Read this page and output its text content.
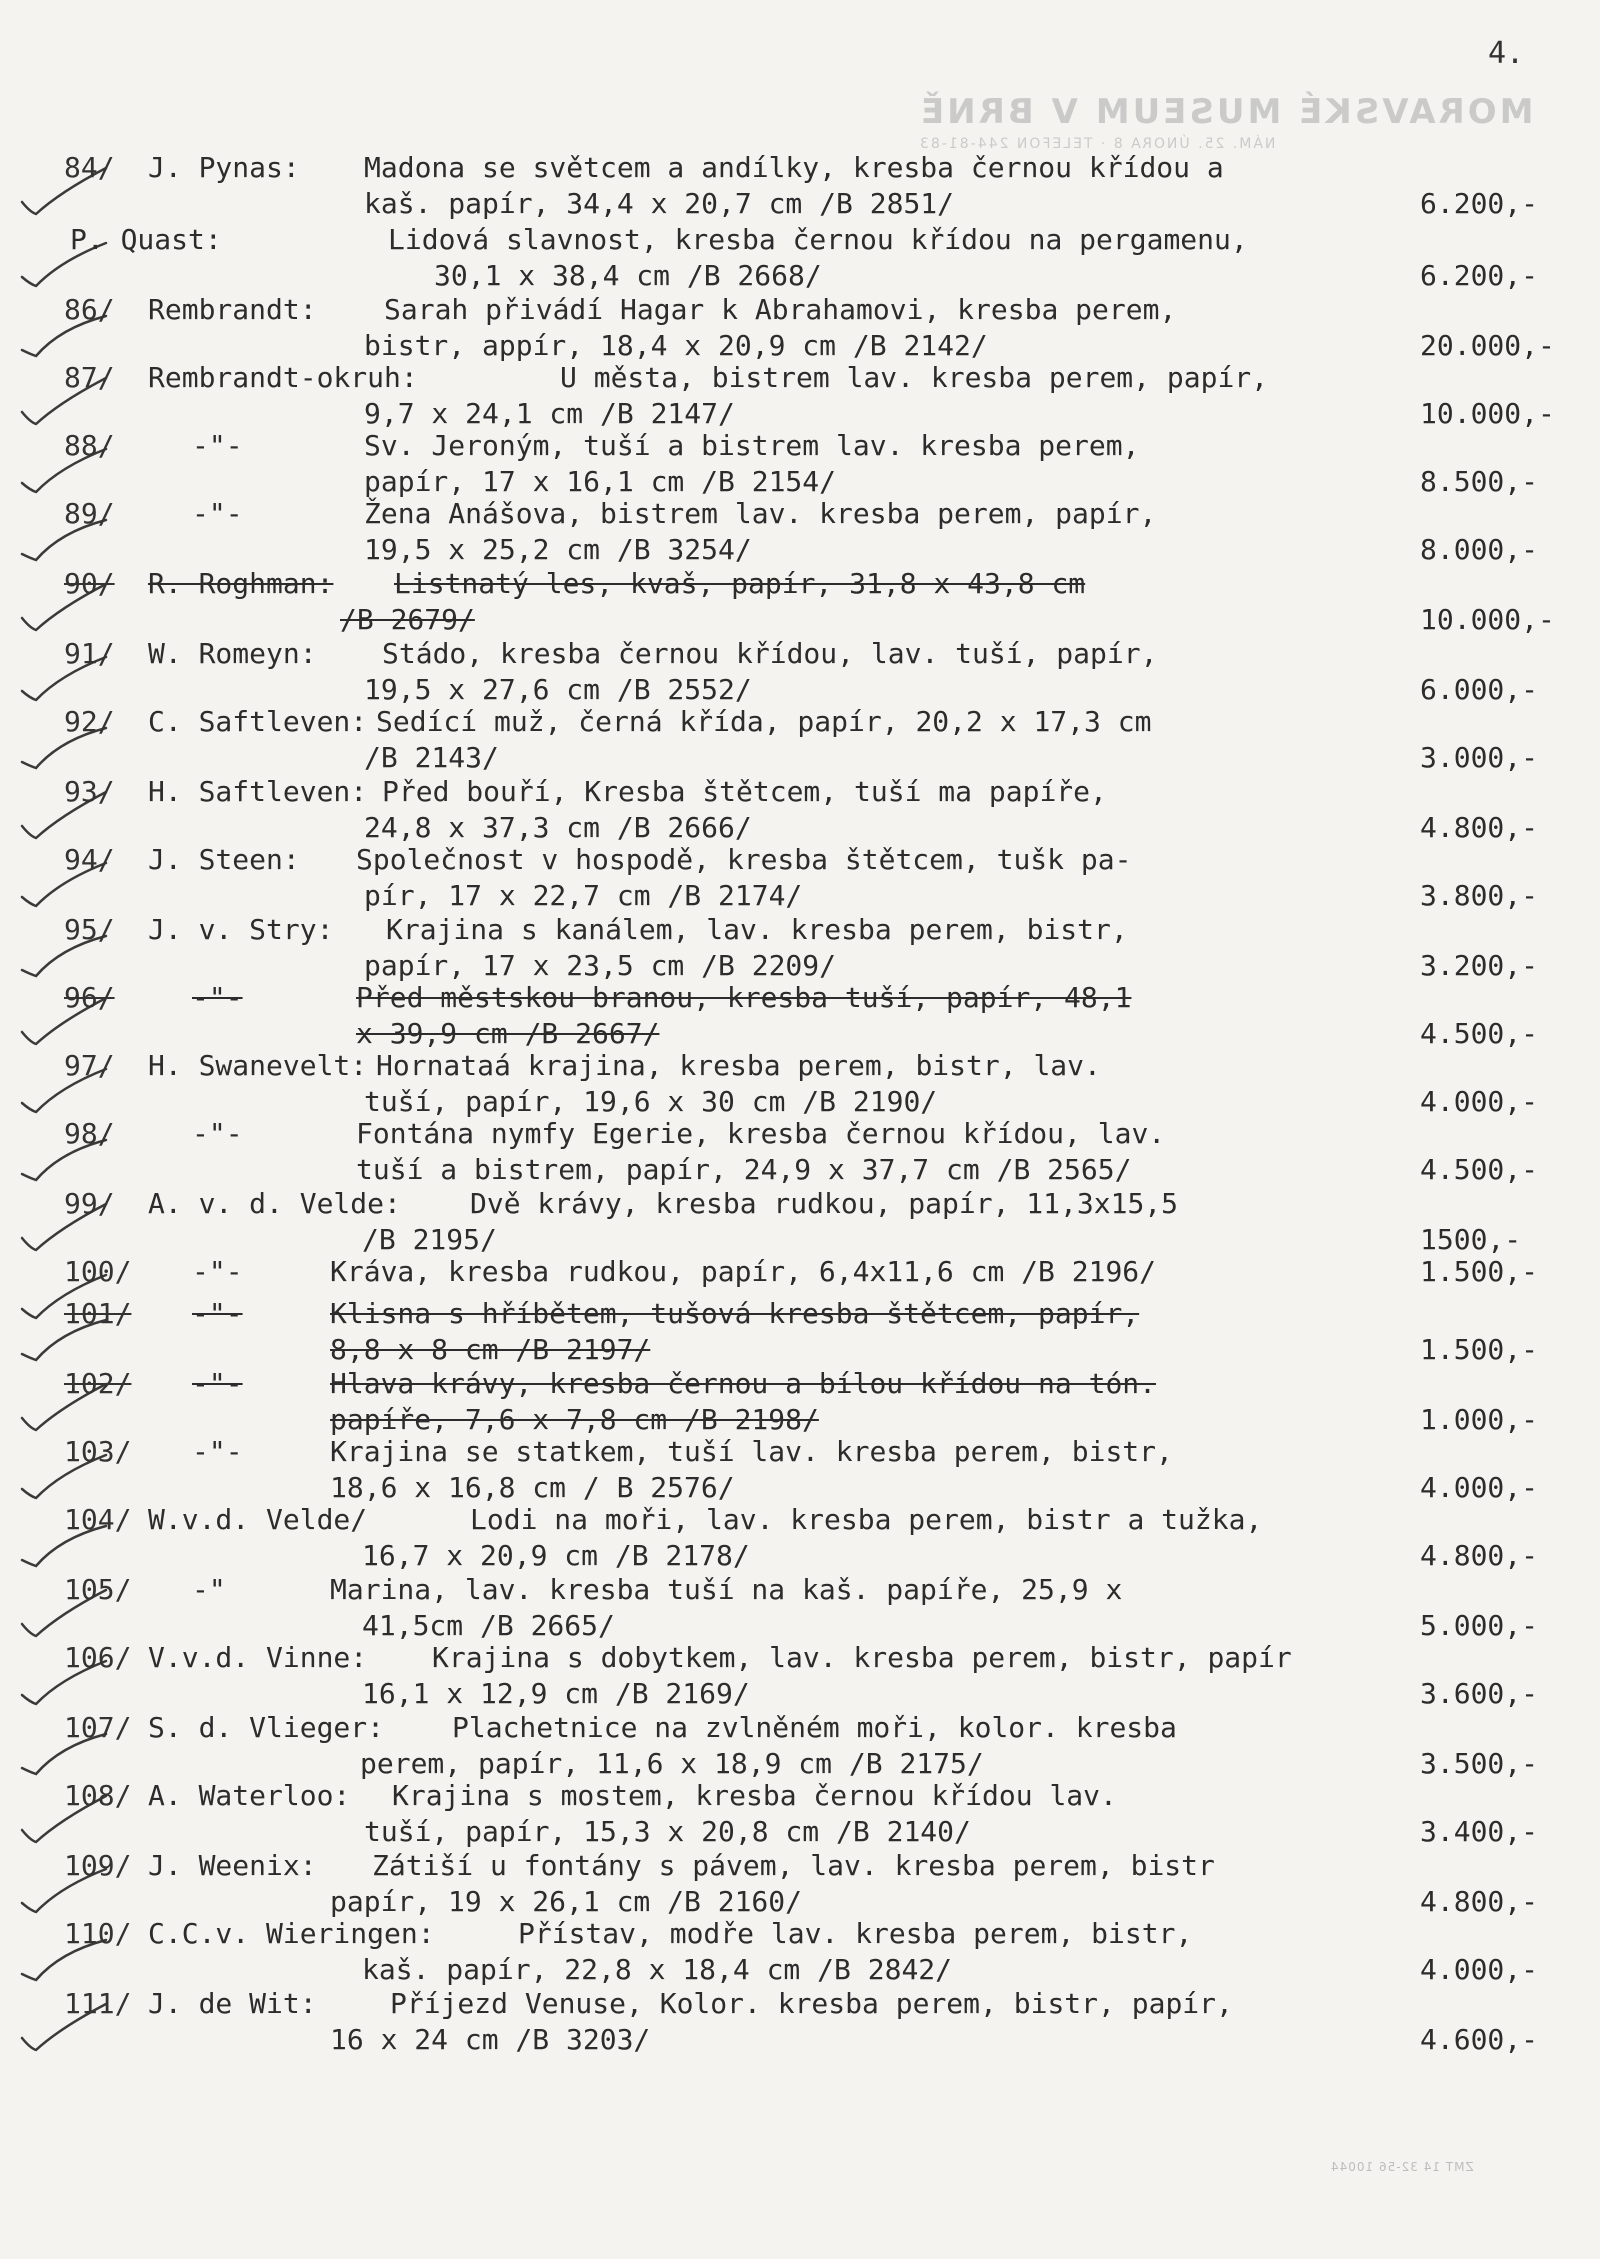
4.
MORAVSKÉ MUSEUM V BRNĚ
NÁM. 25. ÚNORA 8 · TELEFON 244-81-83
84/ J. Pynas: Madona se světcem a andílky, kresba černou křídou a
kaš. papír, 34,4 x 20,7 cm /B 2851/	6.200,-
P. Quast:	Lidová slavnost, kresba černou křídou na pergamenu,
30,1 x 38,4 cm /B 2668/	6.200,-
86/ Rembrandt: Sarah přivádí Hagar k Abrahamovi, kresba perem,
bistr, appír, 18,4 x 20,9 cm /B 2142/	20.000,-
87/ Rembrandt-okruh:	U města, bistrem lav. kresba perem, papír,
9,7 x 24,1 cm /B 2147/	10.000,-
88/	-"-	Sv. Jeroným, tuší a bistrem lav. kresba perem,
papír, 17 x 16,1 cm /B 2154/	8.500,-
89/	-"-	Žena Anášova, bistrem lav. kresba perem, papír,
19,5 x 25,2 cm /B 3254/	8.000,-
90/ R. Roghman: Listnatý les, kvaš, papír, 31,8 x 43,8 cm
/B 2679/	10.000,-
91/ W. Romeyn: Stádo, kresba černou křídou, lav. tuší, papír,
19,5 x 27,6 cm /B 2552/	6.000,-
92/ C. Saftleven: Sedící muž, černá křída, papír, 20,2 x 17,3 cm
/B 2143/	3.000,-
93/ H. Saftleven: Před bouří, Kresba štětcem, tuší ma papíře,
24,8 x 37,3 cm /B 2666/	4.800,-
94/ J. Steen: Společnost v hospodě, kresba štětcem, tušk pa-
pír, 17 x 22,7 cm /B 2174/	3.800,-
95/ J. v. Stry: Krajina s kanálem, lav. kresba perem, bistr,
papír, 17 x 23,5 cm /B 2209/	3.200,-
96/	-"-	Před městskou branou, kresba tuší, papír, 48,1
x 39,9 cm /B 2667/	4.500,-
97/ H. Swanevelt: Hornataá krajina, kresba perem, bistr, lav.
tuší, papír, 19,6 x 30 cm /B 2190/	4.000,-
98/	-"-	Fontána nymfy Egerie, kresba černou křídou, lav.
tuší a bistrem, papír, 24,9 x 37,7 cm /B 2565/	4.500,-
99/ A. v. d. Velde: Dvě krávy, kresba rudkou, papír, 11,3x15,5
/B 2195/	1500,-
100/ -"-	Kráva, kresba rudkou, papír, 6,4x11,6 cm /B 2196/	1.500,-
101/ -"-	Klisna s hříbětem, tušová kresba štětcem, papír,
8,8 x 8 cm /B 2197/	1.500,-
102/ -"-	Hlava krávy, kresba černou a bílou křídou na tón.
papíře, 7,6 x 7,8 cm /B 2198/	1.000,-
103/ -"-	Krajina se statkem, tuší lav. kresba perem, bistr,
18,6 x 16,8 cm / B 2576/	4.000,-
104/ W.v.d. Velde/	Lodi na moři, lav. kresba perem, bistr a tužka,
16,7 x 20,9 cm /B 2178/	4.800,-
105/ -"	Marina, lav. kresba tuší na kaš. papíře, 25,9 x
41,5cm /B 2665/	5.000,-
106/ V.v.d. Vinne: Krajina s dobytkem, lav. kresba perem, bistr, papír
16,1 x 12,9 cm /B 2169/	3.600,-
107/ S. d. Vlieger: Plachetnice na zvlněném moři, kolor. kresba
perem, papír, 11,6 x 18,9 cm /B 2175/	3.500,-
108/ A. Waterloo: Krajina s mostem, kresba černou křídou lav.
tuší, papír, 15,3 x 20,8 cm /B 2140/	3.400,-
109/ J. Weenix: Zátiší u fontány s pávem, lav. kresba perem, bistr
papír, 19 x 26,1 cm /B 2160/	4.800,-
110/ C.C.v. Wieringen:	Přístav, modře lav. kresba perem, bistr,
kaš. papír, 22,8 x 18,4 cm /B 2842/	4.000,-
111/ J. de Wit:	Příjezd Venuse, Kolor. kresba perem, bistr, papír,
16 x 24 cm /B 3203/	4.600,-
ZMT 14 32-56 10044
